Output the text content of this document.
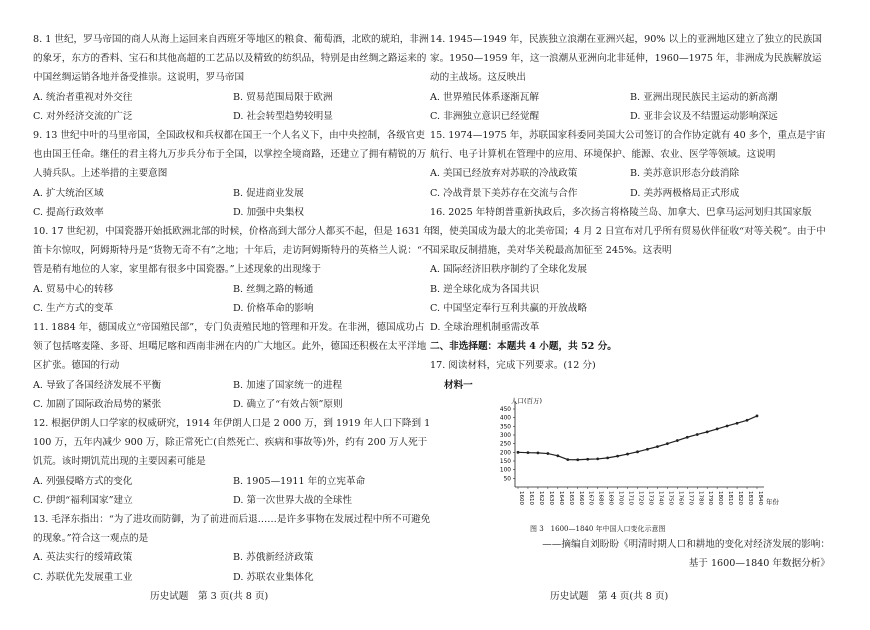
8. 1 世纪，罗马帝国的商人从海上运回来自西班牙等地区的粮食、葡萄酒，北欧的琥珀，非洲的象牙，东方的香料、宝石和其他高超的工艺品以及精致的纺织品，特别是由丝绸之路运来的中国丝绸运销各地并备受推崇。这说明，罗马帝国
A. 统治者重视对外交往	B. 贸易范围局限于欧洲
C. 对外经济交流的广泛	D. 社会转型趋势较明显
9. 13 世纪中叶的马里帝国，全国政权和兵权都在国王一个人名义下，由中央控制，各级官吏也由国王任命。继任的君主将九万步兵分布于全国，以掌控全境商路，还建立了拥有精锐的万人骑兵队。上述举措的主要意图
A. 扩大统治区域	B. 促进商业发展
C. 提高行政效率	D. 加强中央集权
10. 17 世纪初，中国瓷器开始抵欧洲北部的时候，价格高到大部分人都买不起，但是 1631 年笛卡尔惊叹，阿姆斯特丹是“货物无奇不有”之地；十年后，走访阿姆斯特丹的英格兰人说：“不管是稍有地位的人家，家里都有很多中国瓷器。”上述现象的出现缘于
A. 贸易中心的转移	B. 丝绸之路的畅通
C. 生产方式的变革	D. 价格革命的影响
11. 1884 年，德国成立“帝国殖民部”，专门负责殖民地的管理和开发。在非洲，德国成功占领了包括喀麦隆、多哥、坦噶尼喀和西南非洲在内的广大地区。此外，德国还积极在太平洋地区扩张。德国的行动
A. 导致了各国经济发展不平衡	B. 加速了国家统一的进程
C. 加剧了国际政治局势的紧张	D. 确立了“有效占领”原则
12. 根据伊朗人口学家的权威研究，1914 年伊朗人口是 2 000 万，到 1919 年人口下降到 1 100 万，五年内减少 900 万，除正常死亡(自然死亡、疾病和事故等)外，约有 200 万人死于饥荒。该时期饥荒出现的主要因素可能是
A. 列强侵略方式的变化	B. 1905—1911 年的立宪革命
C. 伊朗“福利国家”建立	D. 第一次世界大战的全球性
13. 毛泽东指出：“为了进攻而防御，为了前进而后退……是许多事物在发展过程中所不可避免的现象。”符合这一观点的是
A. 英法实行的绥靖政策	B. 苏俄新经济政策
C. 苏联优先发展重工业	D. 苏联农业集体化
历史试题　第 3 页(共 8 页)
14. 1945—1949 年，民族独立浪潮在亚洲兴起，90% 以上的亚洲地区建立了独立的民族国家。1950—1959 年，这一浪潮从亚洲向北非延伸，1960—1975 年，非洲成为民族解放运动的主战场。这反映出
A. 世界殖民体系逐渐瓦解	B. 亚洲出现民族民主运动的新高潮
C. 非洲独立意识已经觉醒	D. 亚非会议及不结盟运动影响深远
15. 1974—1975 年，苏联国家科委同美国大公司签订的合作协定就有 40 多个，重点是宇宙航行、电子计算机在管理中的应用、环境保护、能源、农业、医学等领域。这说明
A. 美国已经放弃对苏联的冷战政策	B. 美苏意识形态分歧消除
C. 冷战背景下美苏存在交流与合作	D. 美苏两极格局正式形成
16. 2025 年特朗普重新执政后，多次扬言将格陵兰岛、加拿大、巴拿马运河划归其国家版图，使美国成为最大的北美帝国；4 月 2 日宣布对几乎所有贸易伙伴征收“对等关税”。由于中国采取反制措施，美对华关税最高加征至 245%。这表明
A. 国际经济旧秩序制约了全球化发展
B. 逆全球化成为各国共识
C. 中国坚定奉行互利共赢的开放战略
D. 全球治理机制亟需改革
二、非选择题：本题共 4 小题，共 52 分。
17. 阅读材料，完成下列要求。(12 分)
材料一
人口(百万)
年份
50
100
150
200
250
300
350
400
450
1600 1610 1620 1630 1640 1650 1660 1670 1680 1690 1700 1710 1720 1730 1740 1750 1760 1770 1780 1790 1800 1810 1820 1830 1840
图 3　1600—1840 年中国人口变化示意图
——摘编自刘盼盼《明清时期人口和耕地的变化对经济发展的影响：
基于 1600—1840 年数据分析》
历史试题　第 4 页(共 8 页)
